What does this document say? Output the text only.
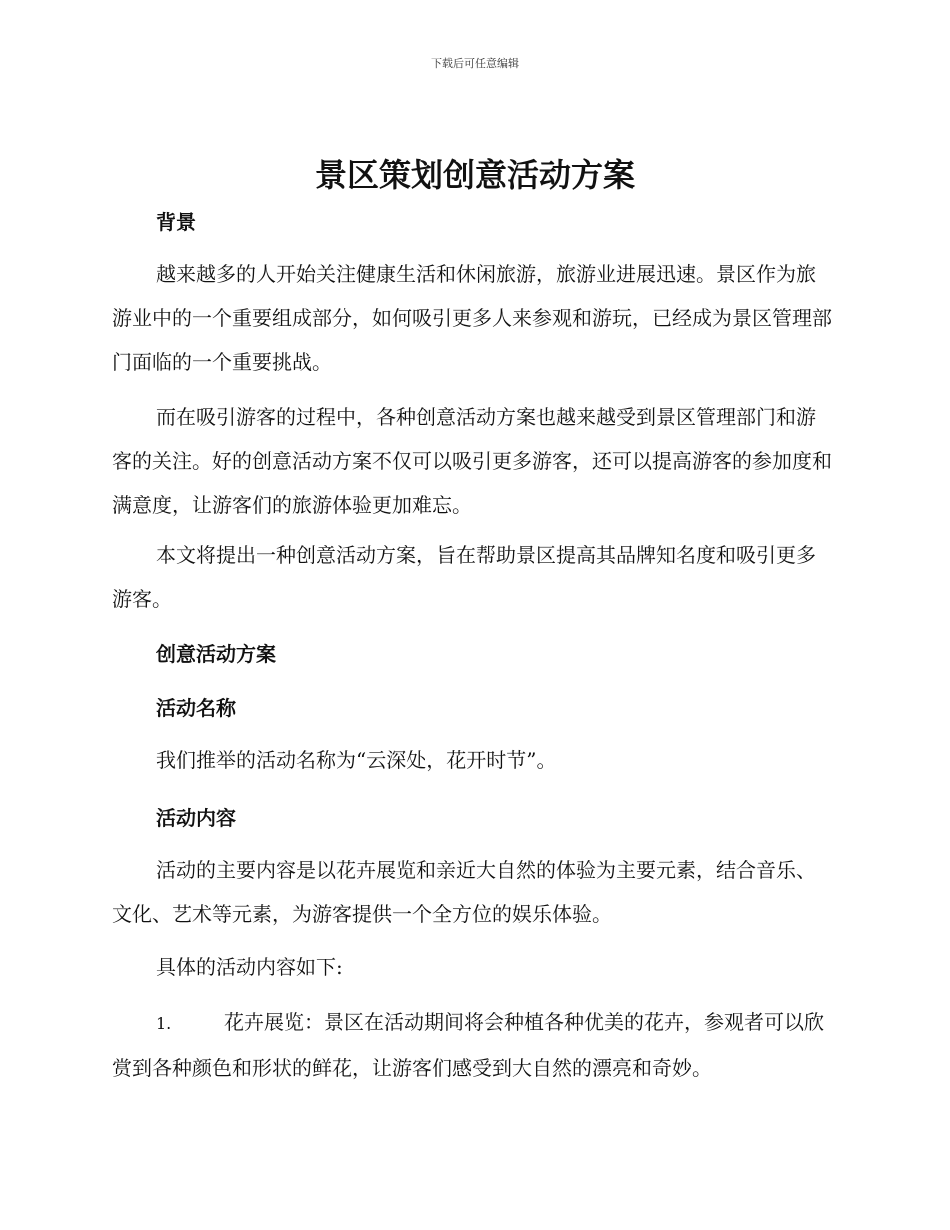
下载后可任意编辑
景区策划创意活动方案
背景

越来越多的人开始关注健康生活和休闲旅游，旅游业进展迅速。景区作为旅游业中的一个重要组成部分，如何吸引更多人来参观和游玩，已经成为景区管理部门面临的一个重要挑战。

而在吸引游客的过程中，各种创意活动方案也越来越受到景区管理部门和游客的关注。好的创意活动方案不仅可以吸引更多游客，还可以提高游客的参加度和满意度，让游客们的旅游体验更加难忘。

本文将提出一种创意活动方案，旨在帮助景区提高其品牌知名度和吸引更多游客。

创意活动方案
活动名称

我们推举的活动名称为“云深处，花开时节”。

活动内容

活动的主要内容是以花卉展览和亲近大自然的体验为主要元素，结合音乐、文化、艺术等元素，为游客提供一个全方位的娱乐体验。

具体的活动内容如下:

1.	花卉展览：景区在活动期间将会种植各种优美的花卉，参观者可以欣赏到各种颜色和形状的鲜花，让游客们感受到大自然的漂亮和奇妙。
